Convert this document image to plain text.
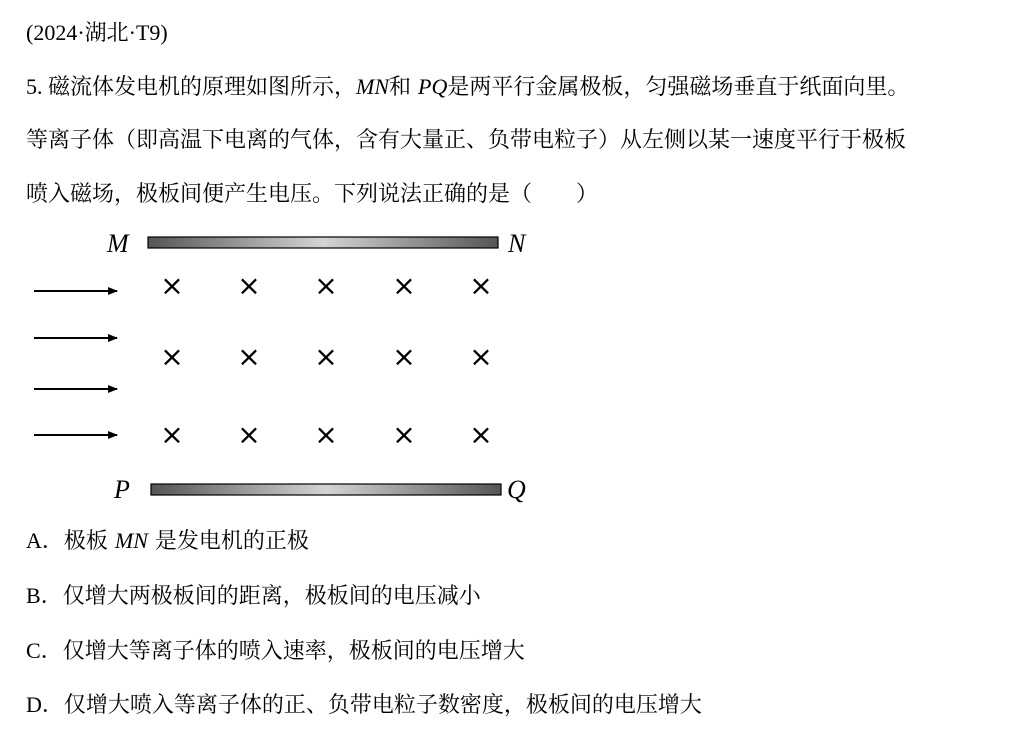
(2024·湖北·T9)
5. 磁流体发电机的原理如图所示，MN和 PQ是两平行金属极板，匀强磁场垂直于纸面向里。
等离子体（即高温下电离的气体，含有大量正、负带电粒子）从左侧以某一速度平行于极板
喷入磁场，极板间便产生电压。下列说法正确的是（　　）
M	N
P	Q
× × × × ×
× × × × ×
× × × × ×
A．极板 MN 是发电机的正极
B．仅增大两极板间的距离，极板间的电压减小
C．仅增大等离子体的喷入速率，极板间的电压增大
D．仅增大喷入等离子体的正、负带电粒子数密度，极板间的电压增大
